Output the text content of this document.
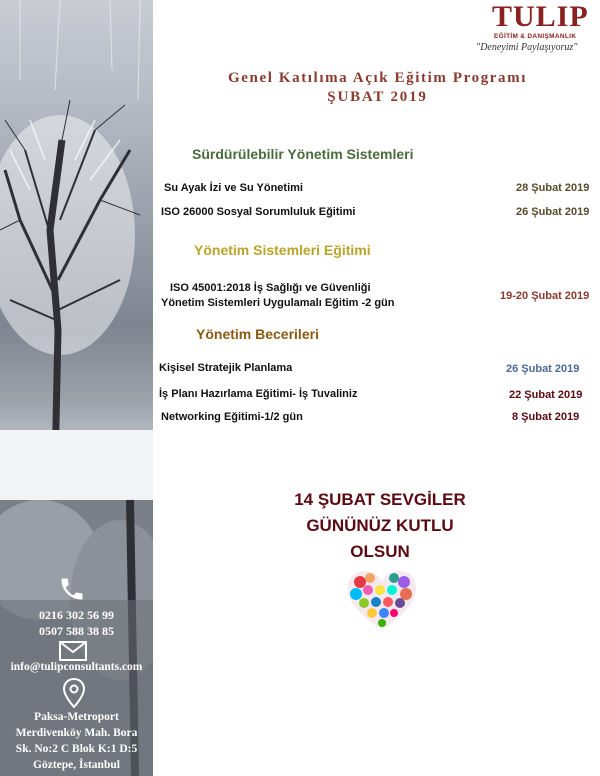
0216 302 56 99
0507 588 38 85
info@tulipconsultants.com
Paksa-Metroport
Merdivenköy Mah. Bora
Sk. No:2 C Blok K:1 D:5
Göztepe, İstanbul
TULIP
EĞİTİM & DANIŞMANLIK
"Deneyimi Paylaşıyoruz"
Genel Katılıma Açık Eğitim Programı
ŞUBAT 2019
Sürdürülebilir Yönetim Sistemleri
Su Ayak İzi ve Su Yönetimi	28 Şubat 2019
ISO 26000 Sosyal Sorumluluk Eğitimi	26 Şubat 2019
Yönetim Sistemleri Eğitimi
ISO 45001:2018 İş Sağlığı ve Güvenliği
Yönetim Sistemleri Uygulamalı Eğitim -2 gün
19-20 Şubat 2019
Yönetim Becerileri
Kişisel Stratejik Planlama	26 Şubat 2019
İş Planı Hazırlama Eğitimi- İş Tuvaliniz	22 Şubat 2019
Networking Eğitimi-1/2 gün	8 Şubat 2019
14 ŞUBAT SEVGİLER
GÜNÜNÜZ KUTLU
OLSUN
